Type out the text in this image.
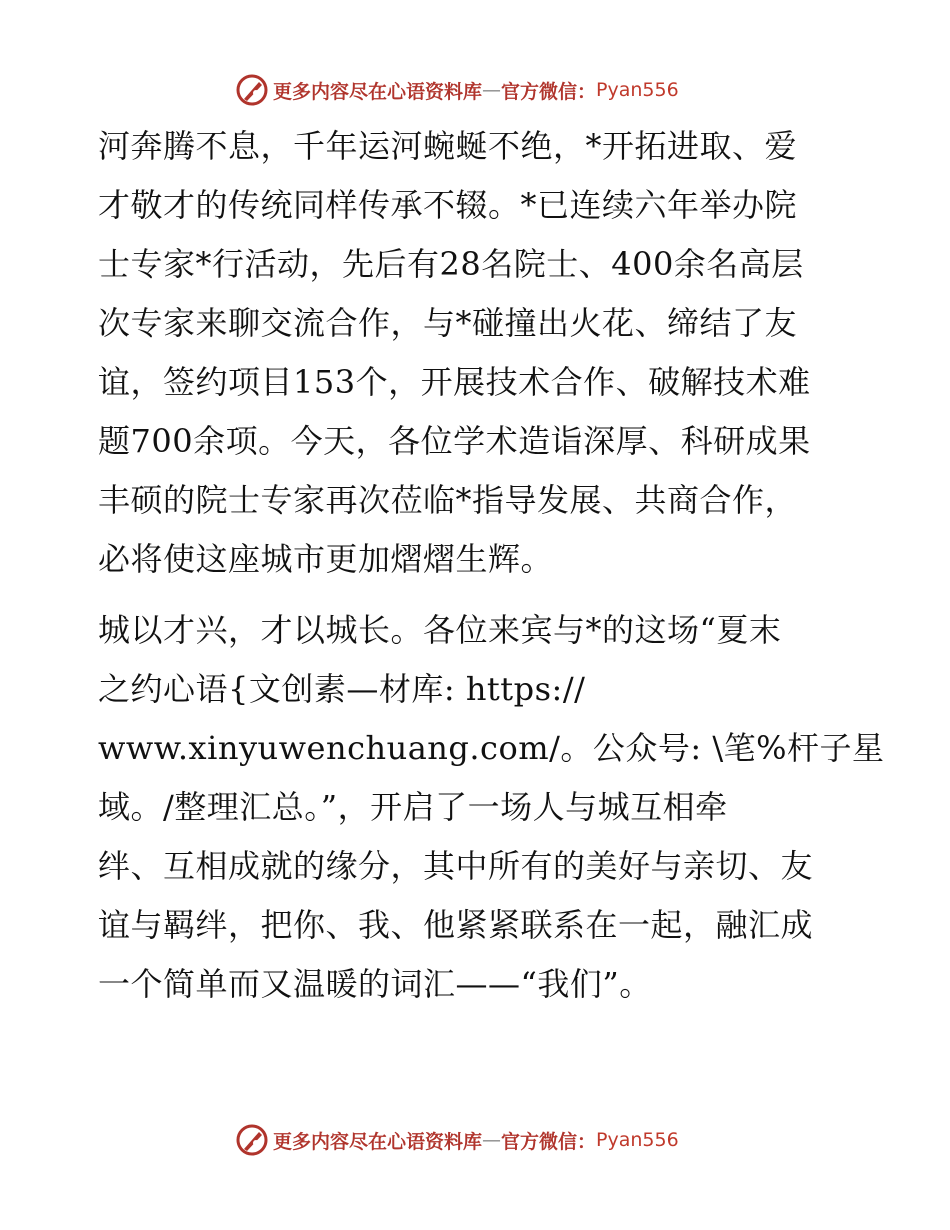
更多内容尽在心语资料库 — 官方微信： Pyan556
河奔腾不息，千年运河蜿蜒不绝，*开拓进取、爱
才敬才的传统同样传承不辍。*已连续六年举办院
士专家*行活动，先后有28名院士、400余名高层
次专家来聊交流合作，与*碰撞出火花、缔结了友
谊，签约项目153个，开展技术合作、破解技术难
题700余项。今天，各位学术造诣深厚、科研成果
丰硕的院士专家再次莅临*指导发展、共商合作，
必将使这座城市更加熠熠生辉。
城以才兴，才以城长。各位来宾与*的这场“夏末
之约心语{文创素—材库: https://
www.xinyuwenchuang.com/。公众号: \笔%杆子星
域。/整理汇总。”，开启了一场人与城互相牵
绊、互相成就的缘分，其中所有的美好与亲切、友
谊与羁绊，把你、我、他紧紧联系在一起，融汇成
一个简单而又温暖的词汇——“我们”。
更多内容尽在心语资料库 — 官方微信： Pyan556
